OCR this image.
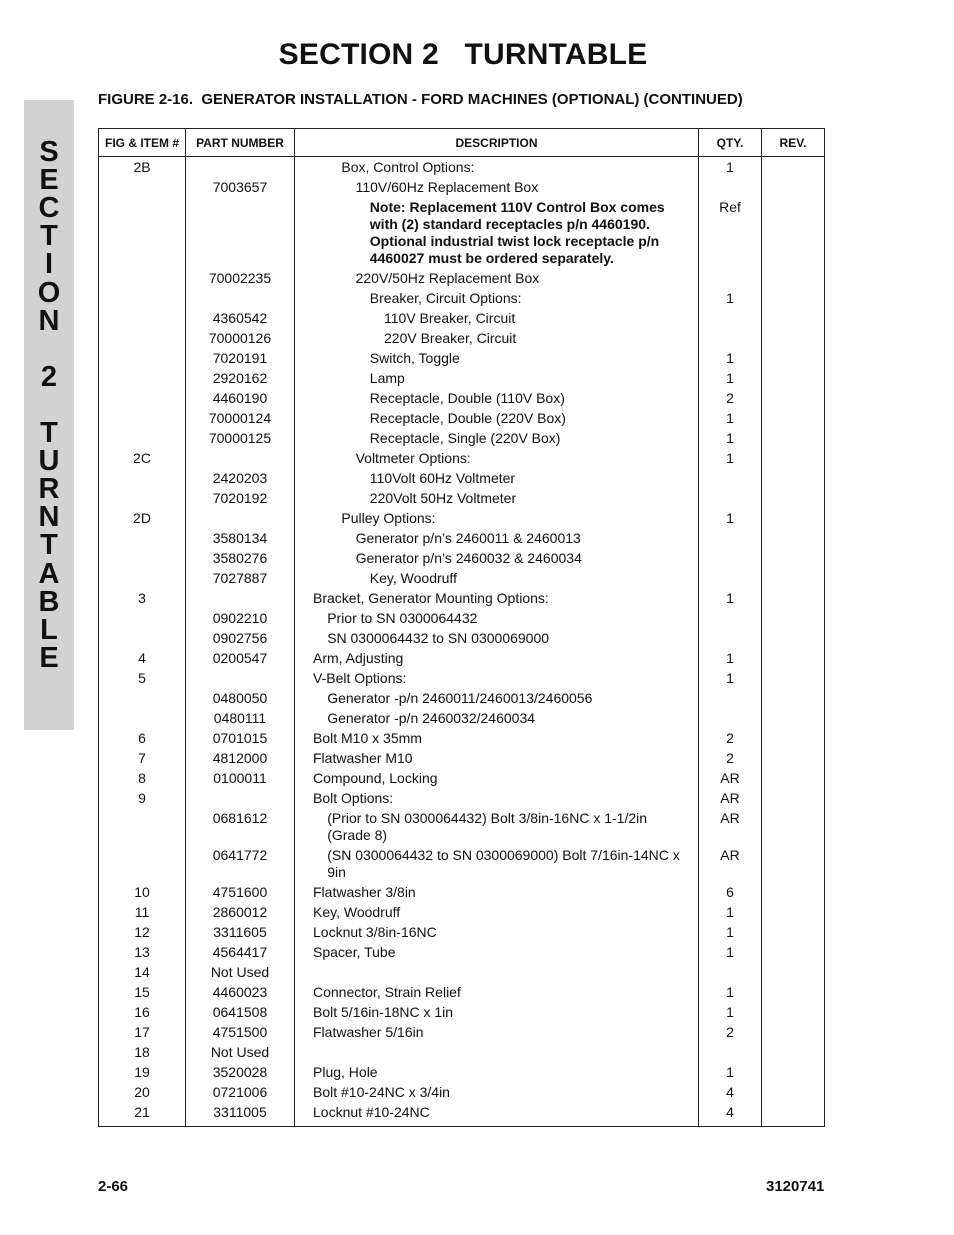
SECTION 2   TURNTABLE
S
E
C
T
I
O
N
2
T
U
R
N
T
A
B
L
E
FIGURE 2-16.  GENERATOR INSTALLATION - FORD MACHINES (OPTIONAL) (CONTINUED)
FIG & ITEM #	PART NUMBER	DESCRIPTION	QTY.	REV.
2B		Box, Control Options:	1	
	7003657	110V/60Hz Replacement Box		
		Note: Replacement 110V Control Box comes with (2) standard receptacles p/n 4460190. Optional industrial twist lock receptacle p/n 4460027 must be ordered separately.	Ref	
	70002235	220V/50Hz Replacement Box		
		Breaker, Circuit Options:	1	
	4360542	110V Breaker, Circuit		
	70000126	220V Breaker, Circuit		
	7020191	Switch, Toggle	1	
	2920162	Lamp	1	
	4460190	Receptacle, Double (110V Box)	2	
	70000124	Receptacle, Double (220V Box)	1	
	70000125	Receptacle, Single (220V Box)	1	
2C		Voltmeter Options:	1	
	2420203	110Volt 60Hz Voltmeter		
	7020192	220Volt 50Hz Voltmeter		
2D		Pulley Options:	1	
	3580134	Generator p/n’s 2460011 & 2460013		
	3580276	Generator p/n’s 2460032 & 2460034		
	7027887	Key, Woodruff		
3		Bracket, Generator Mounting Options:	1	
	0902210	Prior to SN 0300064432		
	0902756	SN 0300064432 to SN 0300069000		
4	0200547	Arm, Adjusting	1	
5		V-Belt Options:	1	
	0480050	Generator -p/n 2460011/2460013/2460056		
	0480111	Generator -p/n 2460032/2460034		
6	0701015	Bolt M10 x 35mm	2	
7	4812000	Flatwasher M10	2	
8	0100011	Compound, Locking	AR	
9		Bolt Options:	AR	
	0681612	(Prior to SN 0300064432) Bolt 3/8in-16NC x 1-1/2in (Grade 8)	AR	
	0641772	(SN 0300064432 to SN 0300069000) Bolt 7/16in-14NC x 9in	AR	
10	4751600	Flatwasher 3/8in	6	
11	2860012	Key, Woodruff	1	
12	3311605	Locknut 3/8in-16NC	1	
13	4564417	Spacer, Tube	1	
14	Not Used			
15	4460023	Connector, Strain Relief	1	
16	0641508	Bolt 5/16in-18NC x 1in	1	
17	4751500	Flatwasher 5/16in	2	
18	Not Used			
19	3520028	Plug, Hole	1	
20	0721006	Bolt #10-24NC x 3/4in	4	
21	3311005	Locknut #10-24NC	4	
2-66	3120741
